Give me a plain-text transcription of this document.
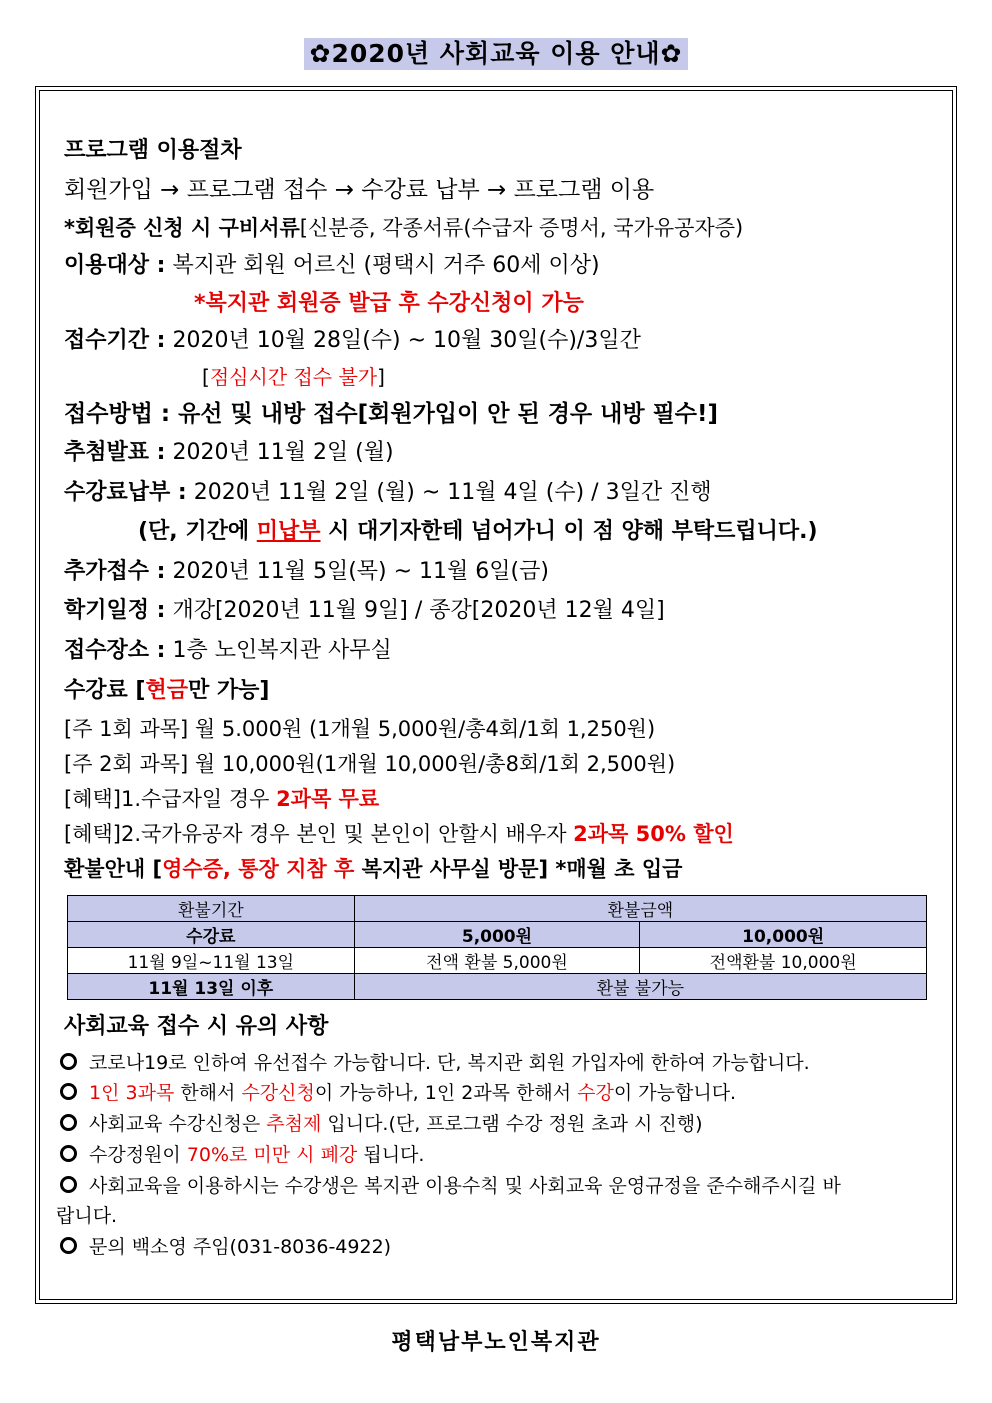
✿2020년 사회교육 이용 안내✿
프로그램 이용절차
회원가입 → 프로그램 접수 → 수강료 납부 → 프로그램 이용
*회원증 신청 시 구비서류[신분증, 각종서류(수급자 증명서, 국가유공자증)
이용대상 : 복지관 회원 어르신 (평택시 거주 60세 이상)
*복지관 회원증 발급 후 수강신청이 가능
접수기간 : 2020년 10월 28일(수) ~ 10월 30일(수)/3일간
[점심시간 접수 불가]
접수방법 : 유선 및 내방 접수[회원가입이 안 된 경우 내방 필수!]
추첨발표 : 2020년 11월 2일 (월)
수강료납부 : 2020년 11월 2일 (월) ~ 11월 4일 (수) / 3일간 진행
(단, 기간에 미납부 시 대기자한테 넘어가니 이 점 양해 부탁드립니다.)
추가접수 : 2020년 11월 5일(목) ~ 11월 6일(금)
학기일정 : 개강[2020년 11월 9일] / 종강[2020년 12월 4일]
접수장소 : 1층 노인복지관 사무실
수강료 [현금만 가능]
[주 1회 과목] 월 5.000원 (1개월 5,000원/총4회/1회 1,250원)
[주 2회 과목] 월 10,000원(1개월 10,000원/총8회/1회 2,500원)
[혜택]1.수급자일 경우 2과목 무료
[혜택]2.국가유공자 경우 본인 및 본인이 안할시 배우자 2과목 50% 할인
환불안내 [영수증, 통장 지참 후 복지관 사무실 방문] *매월 초 입금
환불기간	환불금액	
수강료	5,000원	10,000원
11월 9일~11월 13일	전액 환불 5,000원	전액환불 10,000원
11월 13일 이후	환불 불가능	
사회교육 접수 시 유의 사항
코로나19로 인하여 유선접수 가능합니다. 단, 복지관 회원 가입자에 한하여 가능합니다.
1인 3과목 한해서 수강신청이 가능하나, 1인 2과목 한해서 수강이 가능합니다.
사회교육 수강신청은 추첨제 입니다.(단, 프로그램 수강 정원 초과 시 진행)
수강정원이 70%로 미만 시 폐강 됩니다.
사회교육을 이용하시는 수강생은 복지관 이용수칙 및 사회교육 운영규정을 준수해주시길 바
랍니다.
문의 백소영 주임(031-8036-4922)
평택남부노인복지관
